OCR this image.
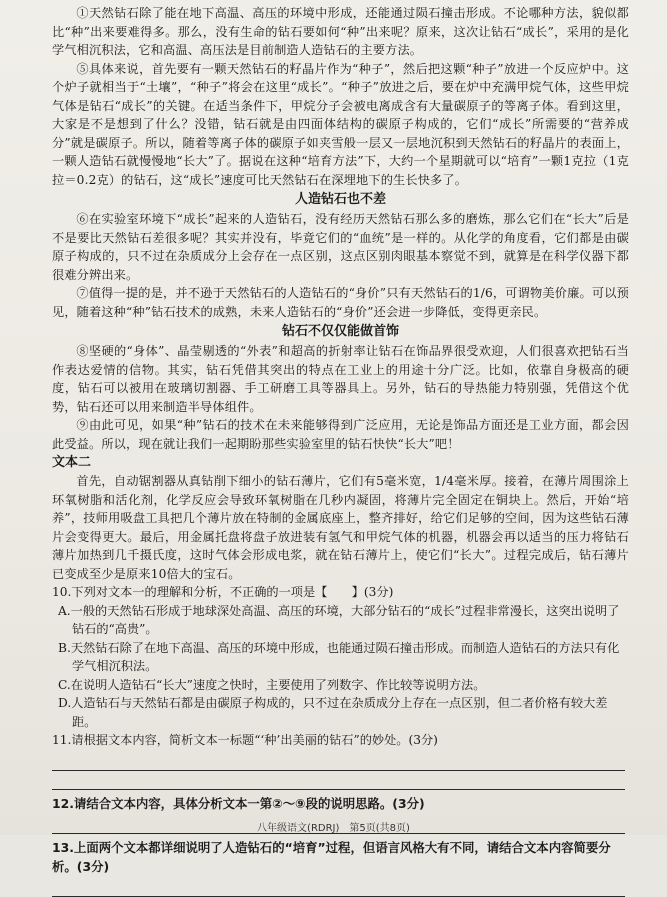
①天然钻石除了能在地下高温、高压的环境中形成，还能通过陨石撞击形成。不论哪种方法，貌似都比“种”出来要难得多。那么，没有生命的钻石要如何“种”出来呢？原来，这次让钻石“成长”，采用的是化学气相沉积法，它和高温、高压法是目前制造人造钻石的主要方法。

⑤具体来说，首先要有一颗天然钻石的籽晶片作为“种子”，然后把这颗“种子”放进一个反应炉中。这个炉子就相当于“土壤”，“种子”将会在这里“成长”。“种子”放进之后，要在炉中充满甲烷气体，这些甲烷气体是钻石“成长”的关键。在适当条件下，甲烷分子会被电离成含有大量碳原子的等离子体。看到这里，大家是不是想到了什么？没错，钻石就是由四面体结构的碳原子构成的，它们“成长”所需要的“营养成分”就是碳原子。所以，随着等离子体的碳原子如夹雪般一层又一层地沉积到天然钻石的籽晶片的表面上，一颗人造钻石就慢慢地“长大”了。据说在这种“培育方法”下，大约一个星期就可以“培育”一颗1克拉（1克拉＝0.2克）的钻石，这“成长”速度可比天然钻石在深埋地下的生长快多了。

人造钻石也不差

⑥在实验室环境下“成长”起来的人造钻石，没有经历天然钻石那么多的磨炼，那么它们在“长大”后是不是要比天然钻石差很多呢？其实并没有，毕竟它们的“血统”是一样的。从化学的角度看，它们都是由碳原子构成的，只不过在杂质成分上会存在一点区别，这点区别肉眼基本察觉不到，就算是在科学仪器下都很难分辨出来。

⑦值得一提的是，并不逊于天然钻石的人造钻石的“身价”只有天然钻石的1/6，可谓物美价廉。可以预见，随着这种“种”钻石技术的成熟，未来人造钻石的“身价”还会进一步降低，变得更亲民。

钻石不仅仅能做首饰

⑧坚硬的“身体”、晶莹剔透的“外表”和超高的折射率让钻石在饰品界很受欢迎，人们很喜欢把钻石当作表达爱情的信物。其实，钻石凭借其突出的特点在工业上的用途十分广泛。比如，依靠自身极高的硬度，钻石可以被用在玻璃切割器、手工研磨工具等器具上。另外，钻石的导热能力特别强，凭借这个优势，钻石还可以用来制造半导体组件。

⑨由此可见，如果“种”钻石的技术在未来能够得到广泛应用，无论是饰品方面还是工业方面，都会因此受益。所以，现在就让我们一起期盼那些实验室里的钻石快快“长大”吧！

文本二

首先，自动锯割器从真钻削下细小的钻石薄片，它们有5毫米宽，1/4毫米厚。接着，在薄片周围涂上环氧树脂和活化剂，化学反应会导致环氧树脂在几秒内凝固，将薄片完全固定在铜块上。然后，开始“培养”，技师用吸盘工具把几个薄片放在特制的金属底座上，整齐排好，给它们足够的空间，因为这些钻石薄片会变得更大。最后，用金属托盘将盘子放进装有氢气和甲烷气体的机器，机器会再以适当的压力将钻石薄片加热到几千摄氏度，这时气体会形成电浆，就在钻石薄片上，使它们“长大”。过程完成后，钻石薄片已变成至少是原来10倍大的宝石。

10.下列对文本一的理解和分析，不正确的一项是【　　】(3分)

A.一般的天然钻石形成于地球深处高温、高压的环境，大部分钻石的“成长”过程非常漫长，这突出说明了钻石的“高贵”。

B.天然钻石除了在地下高温、高压的环境中形成，也能通过陨石撞击形成。而制造人造钻石的方法只有化学气相沉积法。

C.在说明人造钻石“长大”速度之快时，主要使用了列数字、作比较等说明方法。

D.人造钻石与天然钻石都是由碳原子构成的，只不过在杂质成分上存在一点区别，但二者价格有较大差距。

11.请根据文本内容，简析文本一标题“‘种’出美丽的钻石”的妙处。(3分)

12.请结合文本内容，具体分析文本一第②～⑨段的说明思路。(3分)

13.上面两个文本都详细说明了人造钻石的“培育”过程，但语言风格大有不同，请结合文本内容简要分析。(3分)

八年级语文(RDRJ)　第5页(共8页)
